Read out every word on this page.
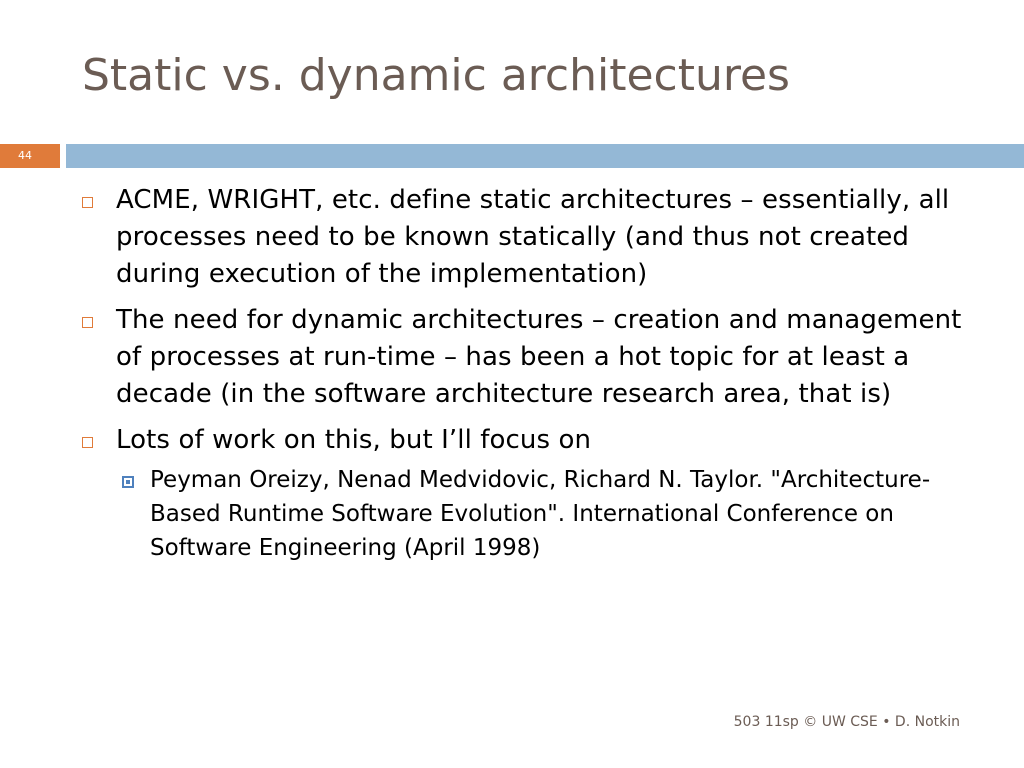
Static vs. dynamic architectures
44
ACME, WRIGHT, etc. define static architectures – essentially, all processes need to be known statically (and thus not created during execution of the implementation)
The need for dynamic architectures – creation and management of processes at run-time – has been a hot topic for at least a decade (in the software architecture research area, that is)
Lots of work on this, but I’ll focus on
Peyman Oreizy, Nenad Medvidovic, Richard N. Taylor. "Architecture-Based Runtime Software Evolution". International Conference on Software Engineering (April 1998)
503 11sp © UW CSE • D. Notkin
